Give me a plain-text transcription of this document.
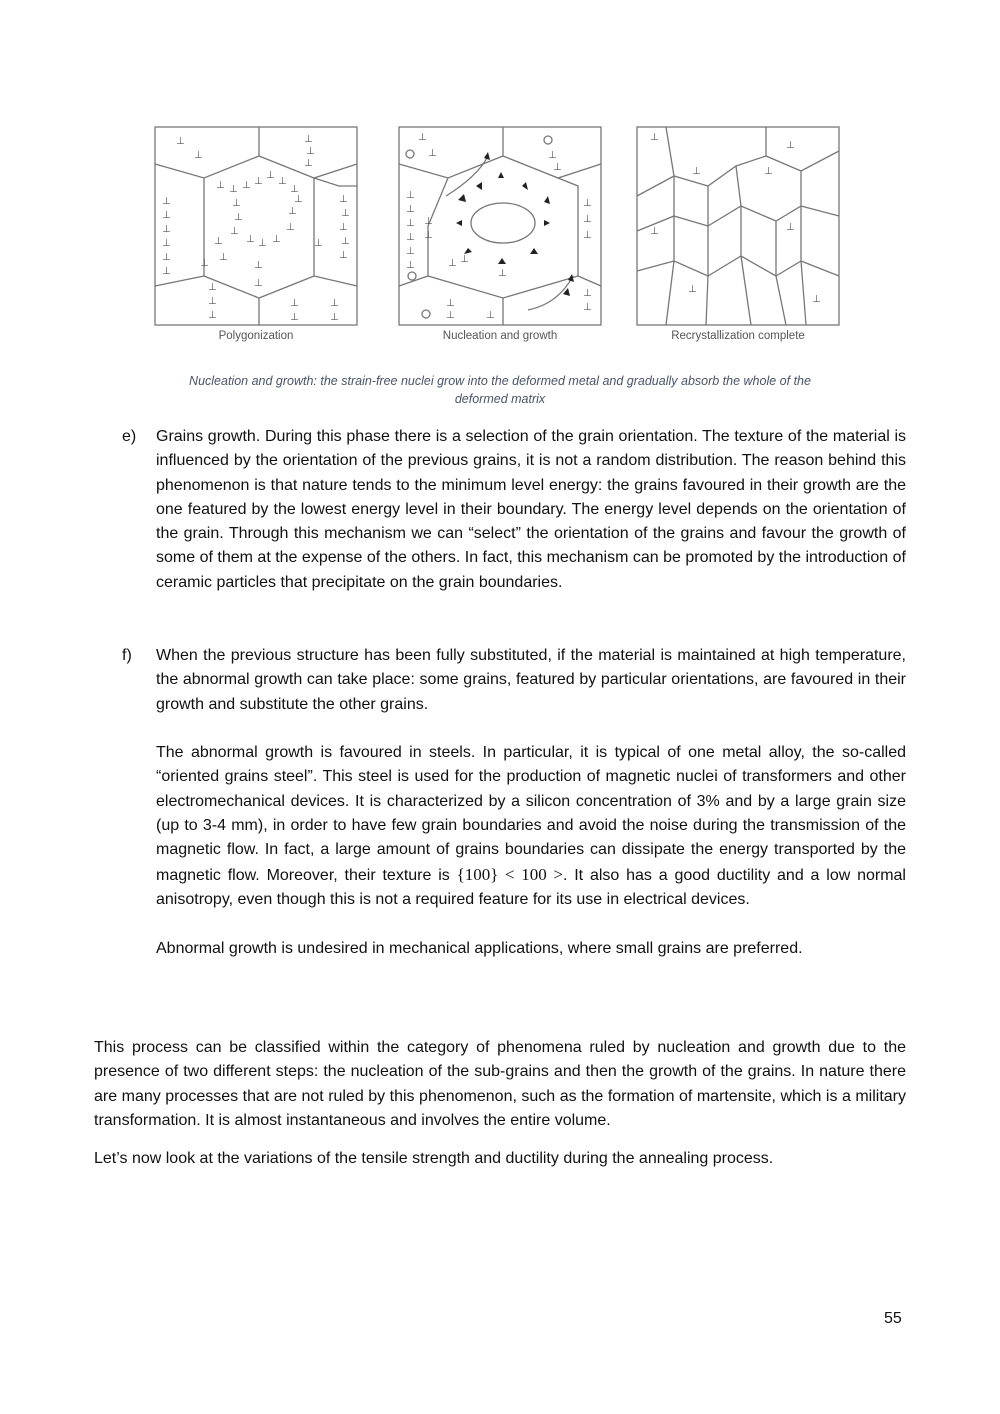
⊥
⊥
⊥
⊥
⊥
⊥
⊥
⊥
⊥
⊥
⊥
⊥ ⊥ ⊥ ⊥
⊥
⊥
⊥
⊥
⊥
⊥
⊥ ⊥ ⊥
⊥
⊥
⊥
⊥
⊥
⊥
⊥	⊥
⊥
⊥
⊥
⊥
⊥
⊥
⊥
⊥
⊥
⊥
⊥
⊥
⊥
Polygonization
⊥
⊥	⊥
⊥
⊥
⊥
⊥
⊥
⊥
⊥
⊥
⊥
⊥
⊥
⊥
⊥
⊥
⊥ ⊥
⊥
⊥
⊥	⊥
Nucleation and growth
⊥
⊥	⊥
⊥
⊥	⊥
⊥
⊥
Recrystallization complete
Nucleation and growth: the strain-free nuclei grow into the deformed metal and gradually absorb the whole of the
deformed matrix
e) Grains growth. During this phase there is a selection of the grain orientation. The texture of the material is influenced by the orientation of the previous grains, it is not a random distribution. The reason behind this phenomenon is that nature tends to the minimum level energy: the grains favoured in their growth are the one featured by the lowest energy level in their boundary. The energy level depends on the orientation of the grain. Through this mechanism we can “select” the orientation of the grains and favour the growth of some of them at the expense of the others. In fact, this mechanism can be promoted by the introduction of ceramic particles that precipitate on the grain boundaries.

f) When the previous structure has been fully substituted, if the material is maintained at high temperature, the abnormal growth can take place: some grains, featured by particular orientations, are favoured in their growth and substitute the other grains.

The abnormal growth is favoured in steels. In particular, it is typical of one metal alloy, the so-called “oriented grains steel”. This steel is used for the production of magnetic nuclei of transformers and other electromechanical devices. It is characterized by a silicon concentration of 3% and by a large grain size (up to 3-4 mm), in order to have few grain boundaries and avoid the noise during the transmission of the magnetic flow. In fact, a large amount of grains boundaries can dissipate the energy transported by the magnetic flow. Moreover, their texture is {100} < 100 >. It also has a good ductility and a low normal anisotropy, even though this is not a required feature for its use in electrical devices.

Abnormal growth is undesired in mechanical applications, where small grains are preferred.

This process can be classified within the category of phenomena ruled by nucleation and growth due to the presence of two different steps: the nucleation of the sub-grains and then the growth of the grains. In nature there are many processes that are not ruled by this phenomenon, such as the formation of martensite, which is a military transformation. It is almost instantaneous and involves the entire volume.

Let’s now look at the variations of the tensile strength and ductility during the annealing process.

55
